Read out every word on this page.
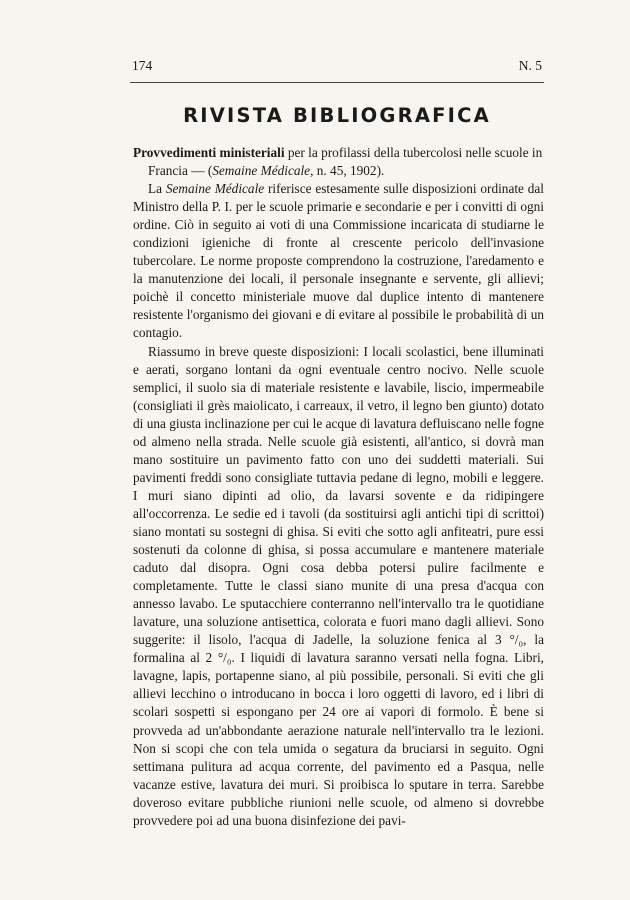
174	N. 5
RIVISTA BIBLIOGRAFICA

Provvedimenti ministeriali per la profilassi della tubercolosi nelle scuole in Francia — (Semaine Médicale, n. 45, 1902).

La Semaine Médicale riferisce estesamente sulle disposizioni ordinate dal Ministro della P. I. per le scuole primarie e secondarie e per i convitti di ogni ordine. Ciò in seguito ai voti di una Commissione incaricata di studiarne le condizioni igieniche di fronte al crescente pericolo dell'invasione tubercolare. Le norme proposte comprendono la costruzione, l'aredamento e la manutenzione dei locali, il personale insegnante e servente, gli allievi; poichè il concetto ministeriale muove dal duplice intento di mantenere resistente l'organismo dei giovani e di evitare al possibile le probabilità di un contagio.

Riassumo in breve queste disposizioni: I locali scolastici, bene illuminati e aerati, sorgano lontani da ogni eventuale centro nocivo. Nelle scuole semplici, il suolo sia di materiale resistente e lavabile, liscio, impermeabile (consigliati il grès maiolicato, i carreaux, il vetro, il legno ben giunto) dotato di una giusta inclinazione per cui le acque di lavatura defluiscano nelle fogne od almeno nella strada. Nelle scuole già esistenti, all'antico, si dovrà man mano sostituire un pavimento fatto con uno dei suddetti materiali. Sui pavimenti freddi sono consigliate tuttavia pedane di legno, mobili e leggere. I muri siano dipinti ad olio, da lavarsi sovente e da ridipingere all'occorrenza. Le sedie ed i tavoli (da sostituirsi agli antichi tipi di scrittoi) siano montati su sostegni di ghisa. Si eviti che sotto agli anfiteatri, pure essi sostenuti da colonne di ghisa, si possa accumulare e mantenere materiale caduto dal disopra. Ogni cosa debba potersi pulire facilmente e completamente. Tutte le classi siano munite di una presa d'acqua con annesso lavabo. Le sputacchiere conterranno nell'intervallo tra le quotidiane lavature, una soluzione antisettica, colorata e fuori mano dagli allievi. Sono suggerite: il lisolo, l'acqua di Jadelle, la soluzione fenica al 3 °/₀, la formalina al 2 °/₀. I liquidi di lavatura saranno versati nella fogna. Libri, lavagne, lapis, portapenne siano, al più possibile, personali. Si eviti che gli allievi lecchino o introducano in bocca i loro oggetti di lavoro, ed i libri di scolari sospetti si espongano per 24 ore ai vapori di formolo. È bene si provveda ad un'abbondante aerazione naturale nell'intervallo tra le lezioni. Non si scopi che con tela umida o segatura da bruciarsi in seguito. Ogni settimana pulitura ad acqua corrente, del pavimento ed a Pasqua, nelle vacanze estive, lavatura dei muri. Si proibisca lo sputare in terra. Sarebbe doveroso evitare pubbliche riunioni nelle scuole, od almeno si dovrebbe provvedere poi ad una buona disinfezione dei pavi-
